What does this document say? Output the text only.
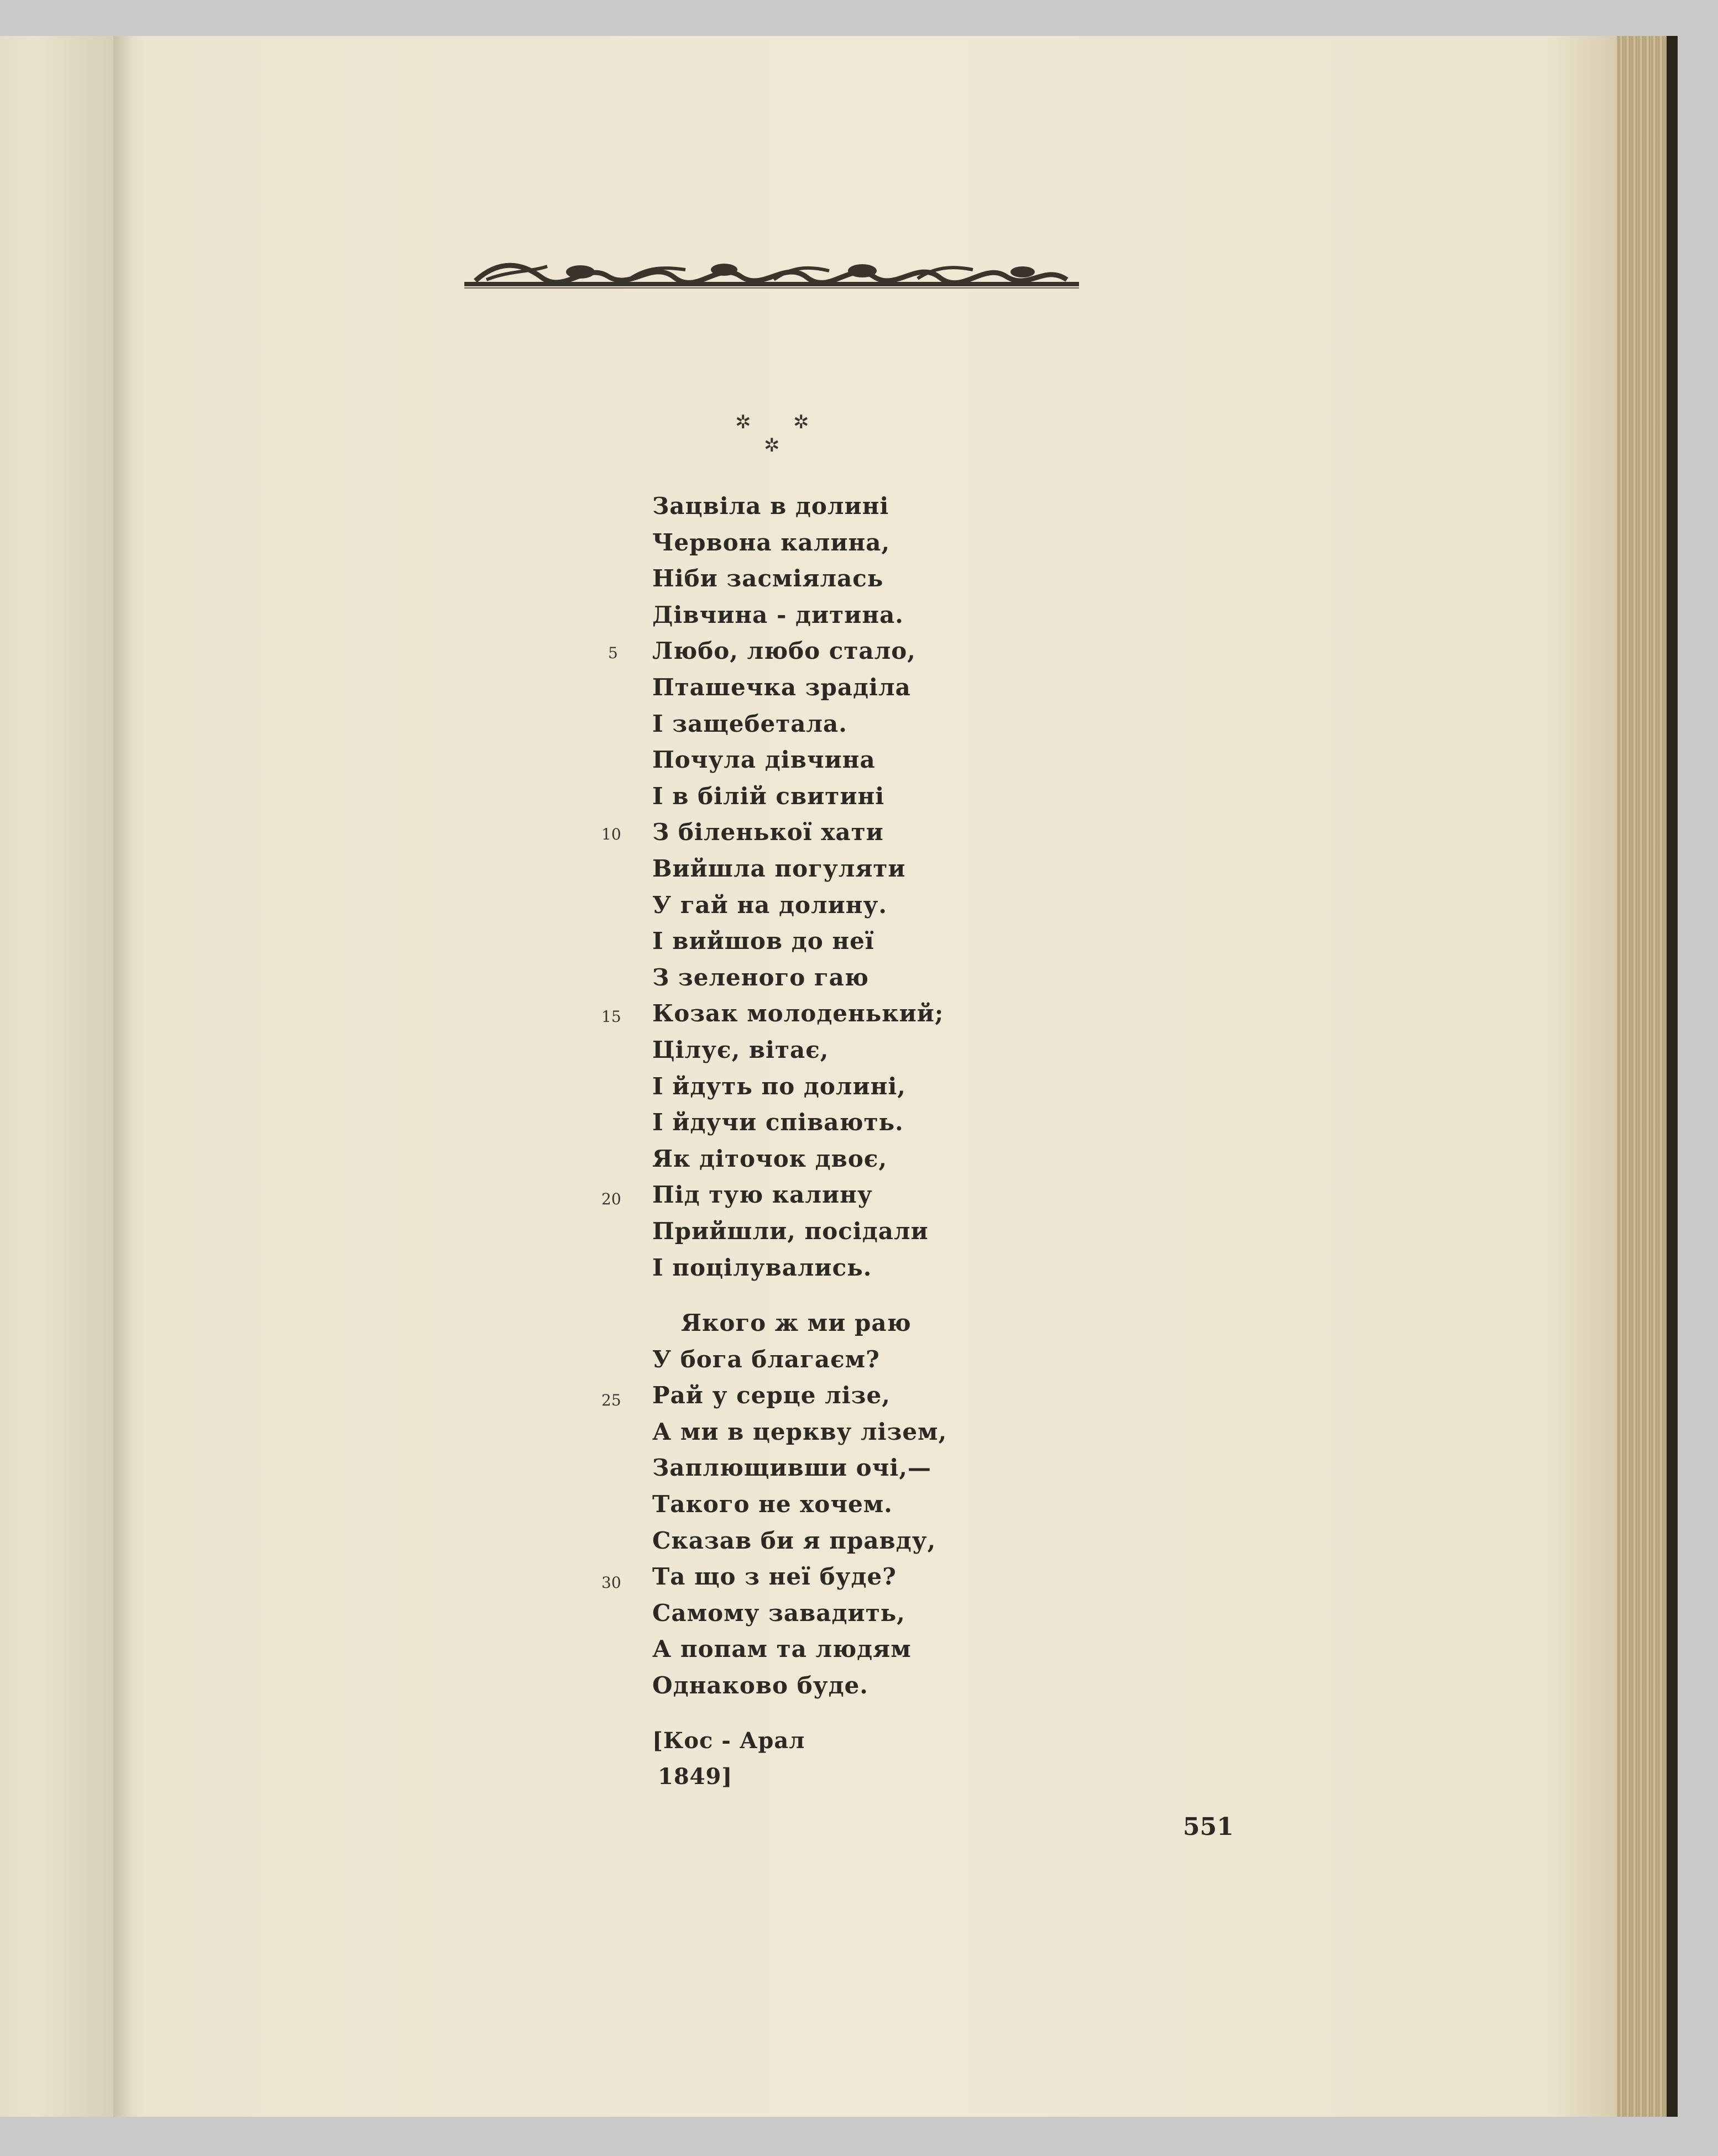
✲ ✲
✲
Зацвіла в долині
Червона калина,
Ніби засміялась
Дівчина - дитина.
Любо, любо стало,
Пташечка зраділа
І защебетала.
Почула дівчина
І в білій свитині
З біленької хати
Вийшла погуляти
У гай на долину.
І вийшов до неї
З зеленого гаю
Козак молоденький;
Цілує, вітає,
І йдуть по долині,
І йдучи співають.
Як діточок двоє,
Під тую калину
Прийшли, посідали
І поцілувались.
Якого ж ми раю
У бога благаєм?
Рай у серце лізе,
А ми в церкву лізем,
Заплющивши очі,—
Такого не хочем.
Сказав би я правду,
Та що з неї буде?
Самому завадить,
А попам та людям
Однаково буде.
5
10
15
20
25
30
[Кос - Арал
1849]
551
